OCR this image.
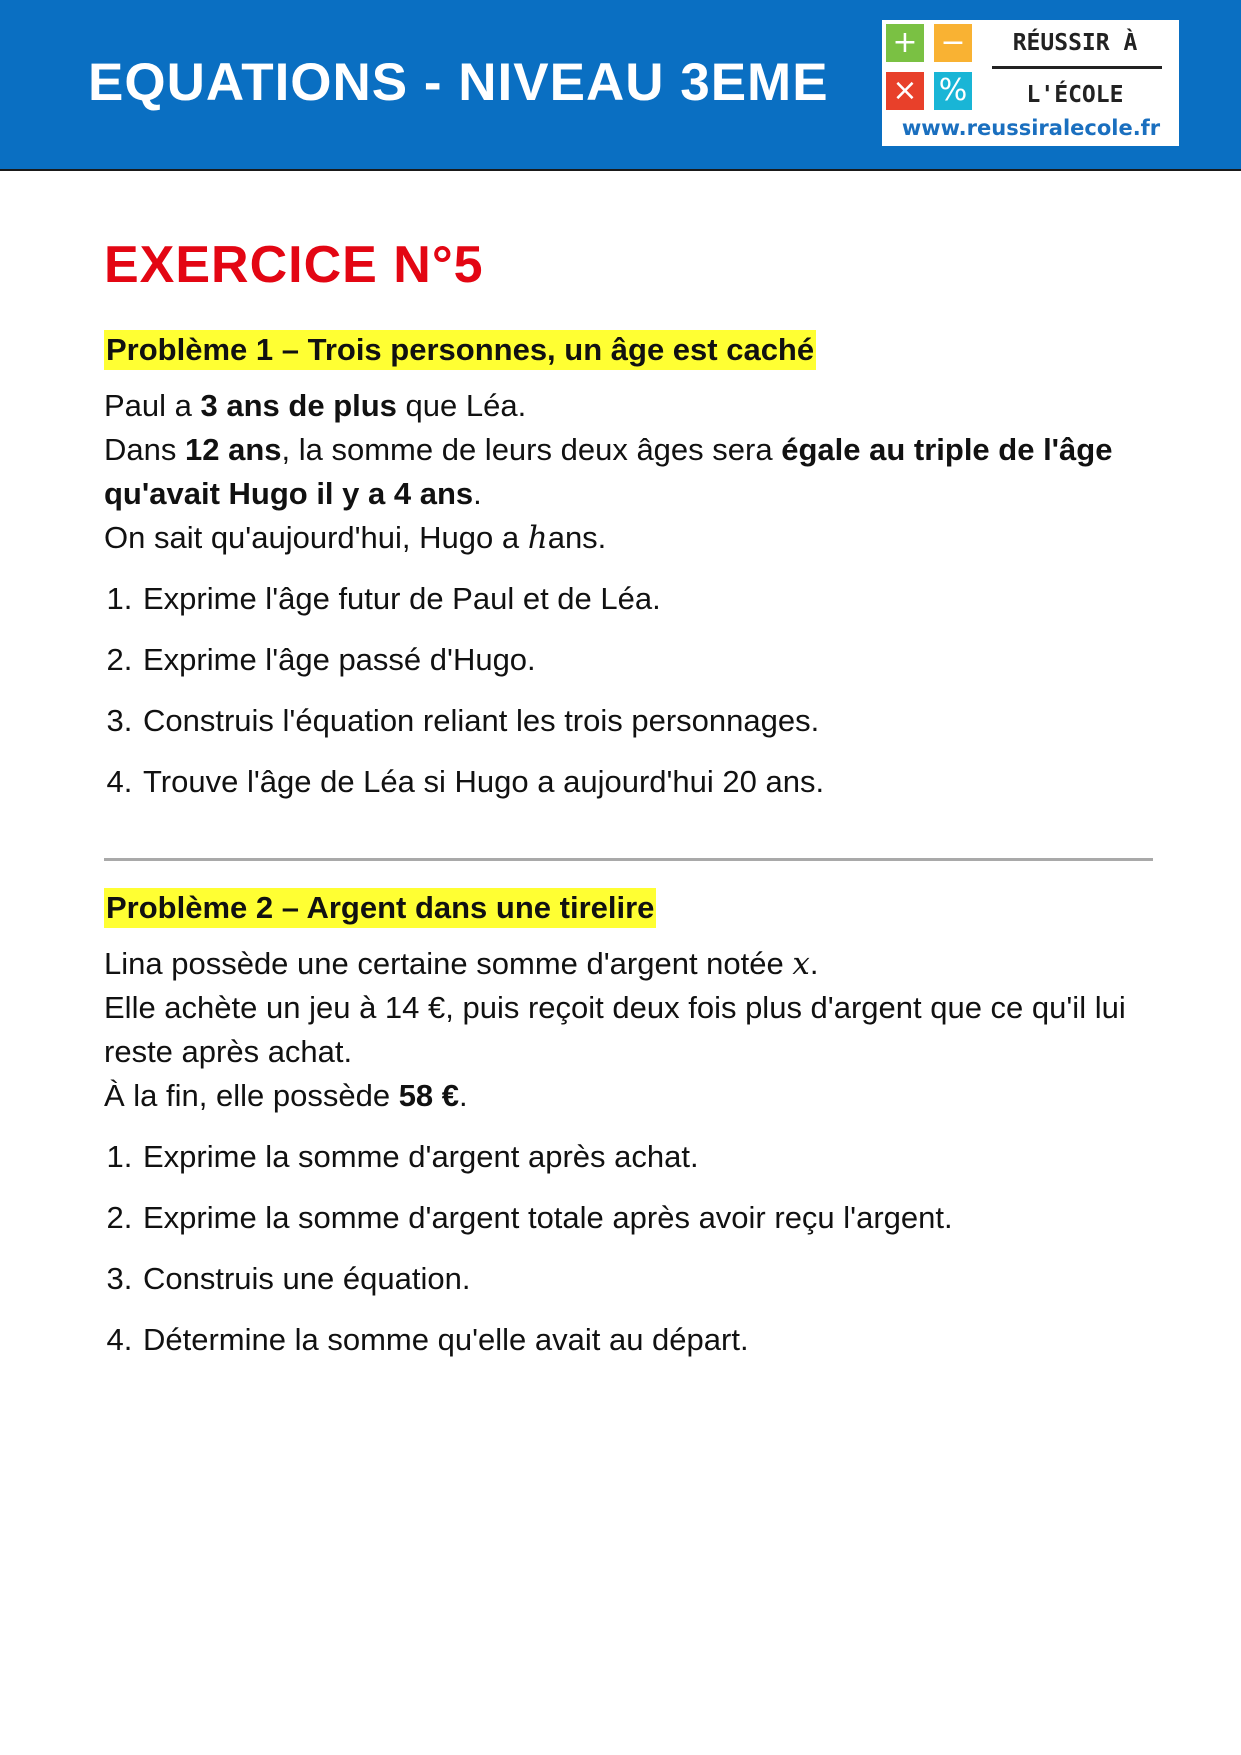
EQUATIONS - NIVEAU 3EME
+ −
× %
RÉUSSIR À
L'ÉCOLE
www.reussiralecole.fr
EXERCICE N°5
Problème 1 – Trois personnes, un âge est caché

Paul a 3 ans de plus que Léa.

Dans 12 ans, la somme de leurs deux âges sera égale au triple de l'âge qu'avait Hugo il y a 4 ans.

On sait qu'aujourd'hui, Hugo a hans.

1. Exprime l'âge futur de Paul et de Léa.
2. Exprime l'âge passé d'Hugo.
3. Construis l'équation reliant les trois personnages.
4. Trouve l'âge de Léa si Hugo a aujourd'hui 20 ans.
Problème 2 – Argent dans une tirelire

Lina possède une certaine somme d'argent notée x.

Elle achète un jeu à 14 €, puis reçoit deux fois plus d'argent que ce qu'il lui reste après achat.

À la fin, elle possède 58 €.

1. Exprime la somme d'argent après achat.
2. Exprime la somme d'argent totale après avoir reçu l'argent.
3. Construis une équation.
4. Détermine la somme qu'elle avait au départ.
